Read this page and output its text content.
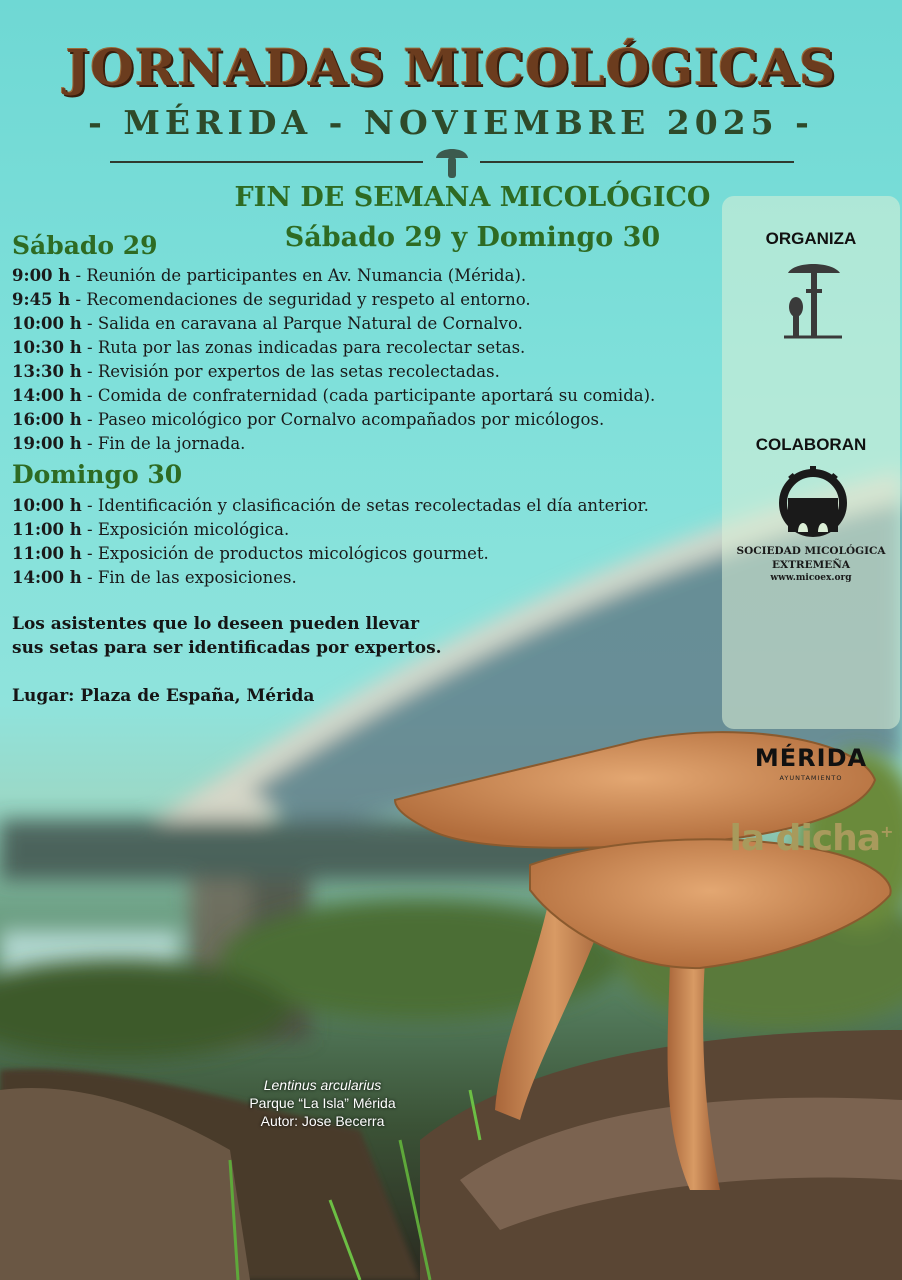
JORNADAS MICOLÓGICAS
- MÉRIDA - NOVIEMBRE 2025 -
FIN DE SEMANA MICOLÓGICO
Sábado 29 y Domingo 30
Sábado 29
9:00 h - Reunión de participantes en Av. Numancia (Mérida).
9:45 h - Recomendaciones de seguridad y respeto al entorno.
10:00 h - Salida en caravana al Parque Natural de Cornalvo.
10:30 h - Ruta por las zonas indicadas para recolectar setas.
13:30 h - Revisión por expertos de las setas recolectadas.
14:00 h - Comida de confraternidad (cada participante aportará su comida).
16:00 h - Paseo micológico por Cornalvo acompañados por micólogos.
19:00 h - Fin de la jornada.
Domingo 30
10:00 h - Identificación y clasificación de setas recolectadas el día anterior.
11:00 h - Exposición micológica.
11:00 h - Exposición de productos micológicos gourmet.
14:00 h - Fin de las exposiciones.
Los asistentes que lo deseen pueden llevar
sus setas para ser identificadas por expertos.
Lugar: Plaza de España, Mérida
ORGANIZA
SOCIEDAD MICOLÓGICA
EXTREMEÑA
www.micoex.org
COLABORAN
MÉRIDA
AYUNTAMIENTO
la dicha+
Lentinus arcularius
Parque “La Isla” Mérida
Autor: Jose Becerra
